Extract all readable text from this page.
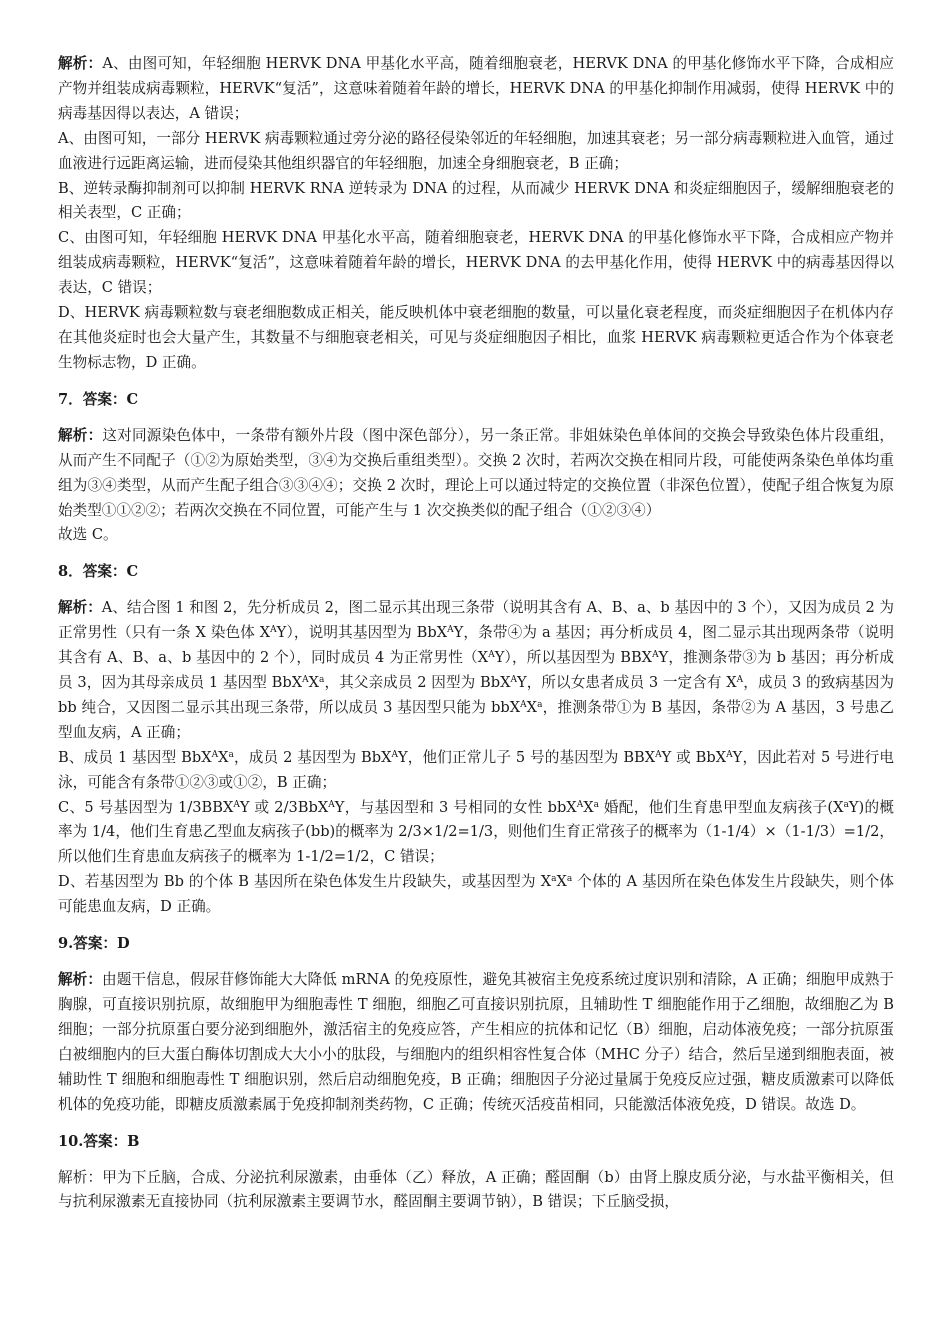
解析：A、由图可知，年轻细胞 HERVK DNA 甲基化水平高，随着细胞衰老，HERVK DNA 的甲基化修饰水平下降，合成相应产物并组装成病毒颗粒，HERVK“复活”，这意味着随着年龄的增长，HERVK DNA 的甲基化抑制作用减弱，使得 HERVK 中的病毒基因得以表达，A 错误；

A、由图可知，一部分 HERVK 病毒颗粒通过旁分泌的路径侵染邻近的年轻细胞，加速其衰老；另一部分病毒颗粒进入血管，通过血液进行远距离运输，进而侵染其他组织器官的年轻细胞，加速全身细胞衰老，B 正确；

B、逆转录酶抑制剂可以抑制 HERVK RNA 逆转录为 DNA 的过程，从而减少 HERVK DNA 和炎症细胞因子，缓解细胞衰老的相关表型，C 正确；

C、由图可知，年轻细胞 HERVK DNA 甲基化水平高，随着细胞衰老，HERVK DNA 的甲基化修饰水平下降，合成相应产物并组装成病毒颗粒，HERVK“复活”，这意味着随着年龄的增长，HERVK DNA 的去甲基化作用，使得 HERVK 中的病毒基因得以表达，C 错误；

D、HERVK 病毒颗粒数与衰老细胞数成正相关，能反映机体中衰老细胞的数量，可以量化衰老程度，而炎症细胞因子在机体内存在其他炎症时也会大量产生，其数量不与细胞衰老相关，可见与炎症细胞因子相比，血浆 HERVK 病毒颗粒更适合作为个体衰老生物标志物，D 正确。

7．答案：C

解析：这对同源染色体中，一条带有额外片段（图中深色部分），另一条正常。非姐妹染色单体间的交换会导致染色体片段重组，从而产生不同配子（①②为原始类型，③④为交换后重组类型）。交换 2 次时，若两次交换在相同片段，可能使两条染色单体均重组为③④类型，从而产生配子组合③③④④；交换 2 次时，理论上可以通过特定的交换位置（非深色位置），使配子组合恢复为原始类型①①②②；若两次交换在不同位置，可能产生与 1 次交换类似的配子组合（①②③④）

故选 C。

8．答案：C

解析：A、结合图 1 和图 2，先分析成员 2，图二显示其出现三条带（说明其含有 A、B、a、b 基因中的 3 个），又因为成员 2 为正常男性（只有一条 X 染色体 $X^AY$），说明其基因型为 BbX$^A$Y，条带④为 a 基因；再分析成员 4，图二显示其出现两条带（说明其含有 A、B、a、b 基因中的 2 个），同时成员 4 为正常男性$(X^AY)$，所以基因型为 $BBX^AY$，推测条带③为 b 基因；再分析成员 3，因为其母亲成员 1 基因型 $BbX^AX^a$，其父亲成员 2 因型为 BbX$^A$Y，所以女患者成员 3 一定含有 $X^A$，成员 3 的致病基因为 bb 纯合，又因图二显示其出现三条带，所以成员 3 基因型只能为 $bbX^AX^a$，推测条带①为 B 基因，条带②为 A 基因，3 号患乙型血友病，A 正确；

B、成员 1 基因型 $BbX^AX^a$，成员 2 基因型为 BbX$^A$Y，他们正常儿子 5 号的基因型为 $BBX^AY$ 或 BbX$^A$Y，因此若对 5 号进行电泳，可能含有条带①②③或①②，B 正确；

C、5 号基因型为 $1/3BBX^AY$ 或 2/3BbX$^A$Y，与基因型和 3 号相同的女性 $bbX^AX^a$ 婚配，他们生育患甲型血友病孩子$(X^aY)$的概率为 1/4，他们生育患乙型血友病孩子(bb)的概率为 2/3×1/2=1/3，则他们生育正常孩子的概率为（1-1/4）×（1-1/3）=1/2，所以他们生育患血友病孩子的概率为 1-1/2=1/2，C 错误；

D、若基因型为 Bb 的个体 B 基因所在染色体发生片段缺失，或基因型为 $X^aX^a$ 个体的 A 基因所在染色体发生片段缺失，则个体可能患血友病，D 正确。

9.答案：D

解析：由题干信息，假尿苷修饰能大大降低 mRNA 的免疫原性，避免其被宿主免疫系统过度识别和清除，A 正确；细胞甲成熟于胸腺，可直接识别抗原，故细胞甲为细胞毒性 T 细胞，细胞乙可直接识别抗原，且辅助性 T 细胞能作用于乙细胞，故细胞乙为 B 细胞；一部分抗原蛋白要分泌到细胞外，激活宿主的免疫应答，产生相应的抗体和记忆（B）细胞，启动体液免疫；一部分抗原蛋白被细胞内的巨大蛋白酶体切割成大大小小的肽段，与细胞内的组织相容性复合体（MHC 分子）结合，然后呈递到细胞表面，被辅助性 T 细胞和细胞毒性 T 细胞识别，然后启动细胞免疫，B 正确；细胞因子分泌过量属于免疫反应过强，糖皮质激素可以降低机体的免疫功能，即糖皮质激素属于免疫抑制剂类药物，C 正确；传统灭活疫苗相同，只能激活体液免疫，D 错误。故选 D。

10.答案：B

解析：甲为下丘脑，合成、分泌抗利尿激素，由垂体（乙）释放，A 正确；醛固酮（b）由肾上腺皮质分泌，与水盐平衡相关，但与抗利尿激素无直接协同（抗利尿激素主要调节水，醛固酮主要调节钠），B 错误；下丘脑受损，
